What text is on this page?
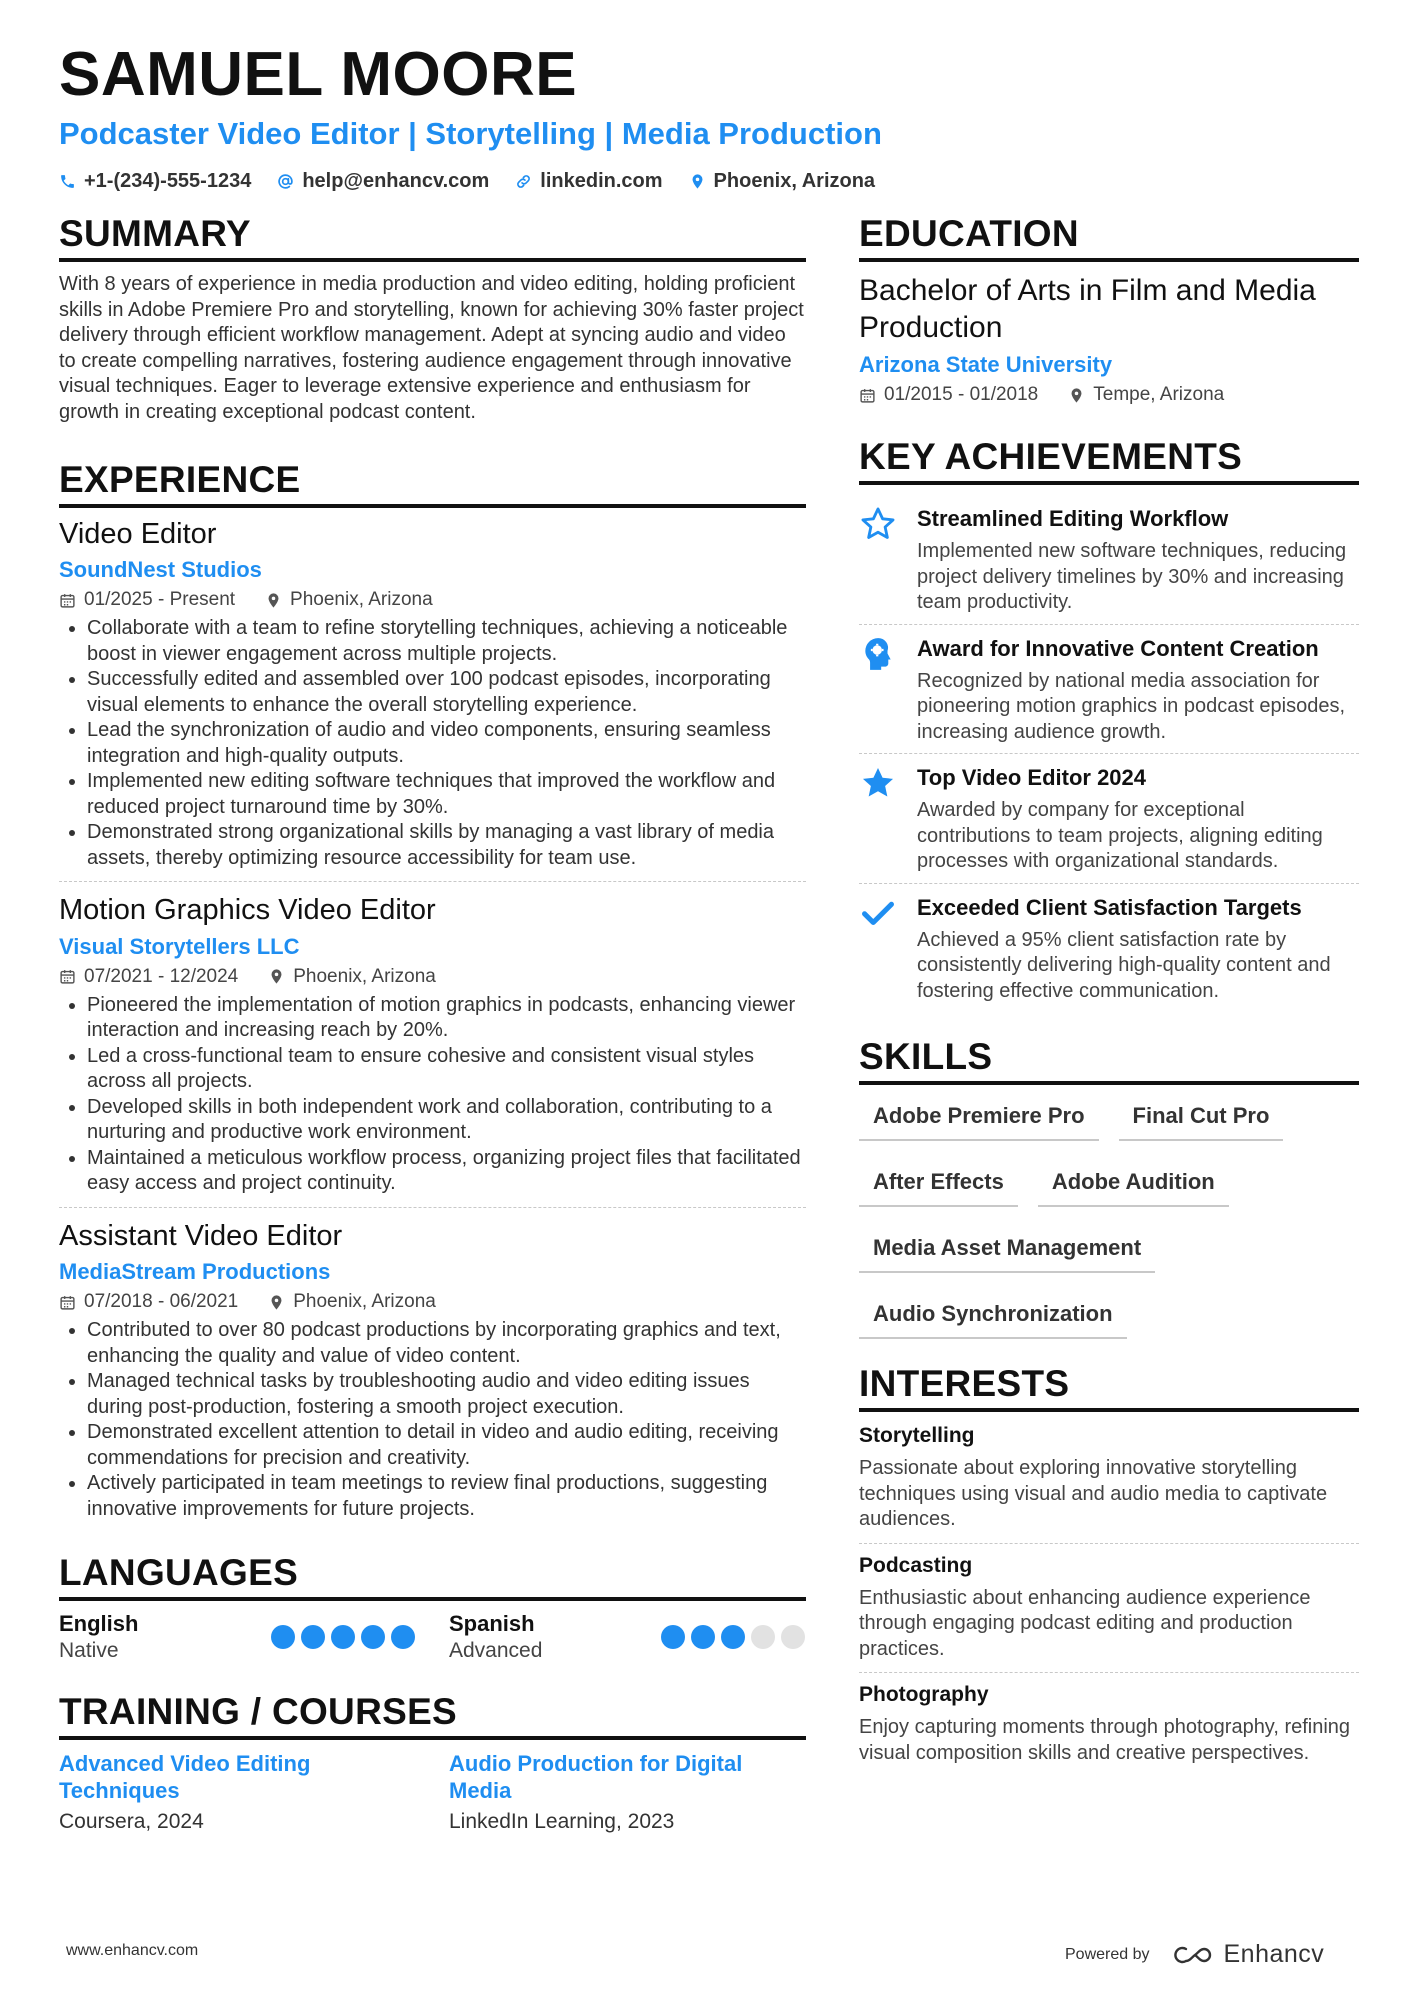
SAMUEL MOORE
Podcaster Video Editor | Storytelling | Media Production
+1-(234)-555-1234	help@enhancv.com	linkedin.com	Phoenix, Arizona
SUMMARY

With 8 years of experience in media production and video editing, holding proficient skills in Adobe Premiere Pro and storytelling, known for achieving 30% faster project delivery through efficient workflow management. Adept at syncing audio and video to create compelling narratives, fostering audience engagement through innovative visual techniques. Eager to leverage extensive experience and enthusiasm for growth in creating exceptional podcast content.

EXPERIENCE
Video Editor
SoundNest Studios
01/2025 - Present	Phoenix, Arizona
• Collaborate with a team to refine storytelling techniques, achieving a noticeable boost in viewer engagement across multiple projects.
• Successfully edited and assembled over 100 podcast episodes, incorporating visual elements to enhance the overall storytelling experience.
• Lead the synchronization of audio and video components, ensuring seamless integration and high-quality outputs.
• Implemented new editing software techniques that improved the workflow and reduced project turnaround time by 30%.
• Demonstrated strong organizational skills by managing a vast library of media assets, thereby optimizing resource accessibility for team use.
Motion Graphics Video Editor
Visual Storytellers LLC
07/2021 - 12/2024	Phoenix, Arizona
• Pioneered the implementation of motion graphics in podcasts, enhancing viewer interaction and increasing reach by 20%.
• Led a cross-functional team to ensure cohesive and consistent visual styles across all projects.
• Developed skills in both independent work and collaboration, contributing to a nurturing and productive work environment.
• Maintained a meticulous workflow process, organizing project files that facilitated easy access and project continuity.
Assistant Video Editor
MediaStream Productions
07/2018 - 06/2021	Phoenix, Arizona
• Contributed to over 80 podcast productions by incorporating graphics and text, enhancing the quality and value of video content.
• Managed technical tasks by troubleshooting audio and video editing issues during post-production, fostering a smooth project execution.
• Demonstrated excellent attention to detail in video and audio editing, receiving commendations for precision and creativity.
• Actively participated in team meetings to review final productions, suggesting innovative improvements for future projects.
LANGUAGES
English
Native
Spanish
Advanced
TRAINING / COURSES
Advanced Video Editing Techniques
Coursera, 2024
Audio Production for Digital Media
LinkedIn Learning, 2023
EDUCATION
Bachelor of Arts in Film and Media Production
Arizona State University
01/2015 - 01/2018	Tempe, Arizona
KEY ACHIEVEMENTS
Streamlined Editing Workflow
Implemented new software techniques, reducing project delivery timelines by 30% and increasing team productivity.
Award for Innovative Content Creation
Recognized by national media association for pioneering motion graphics in podcast episodes, increasing audience growth.
Top Video Editor 2024
Awarded by company for exceptional contributions to team projects, aligning editing processes with organizational standards.
Exceeded Client Satisfaction Targets
Achieved a 95% client satisfaction rate by consistently delivering high-quality content and fostering effective communication.
SKILLS
Adobe Premiere Pro	Final Cut Pro
After Effects	Adobe Audition
Media Asset Management
Audio Synchronization
INTERESTS
Storytelling
Passionate about exploring innovative storytelling techniques using visual and audio media to captivate audiences.
Podcasting
Enthusiastic about enhancing audience experience through engaging podcast editing and production practices.
Photography
Enjoy capturing moments through photography, refining visual composition skills and creative perspectives.
www.enhancv.com	Powered by	Enhancv
